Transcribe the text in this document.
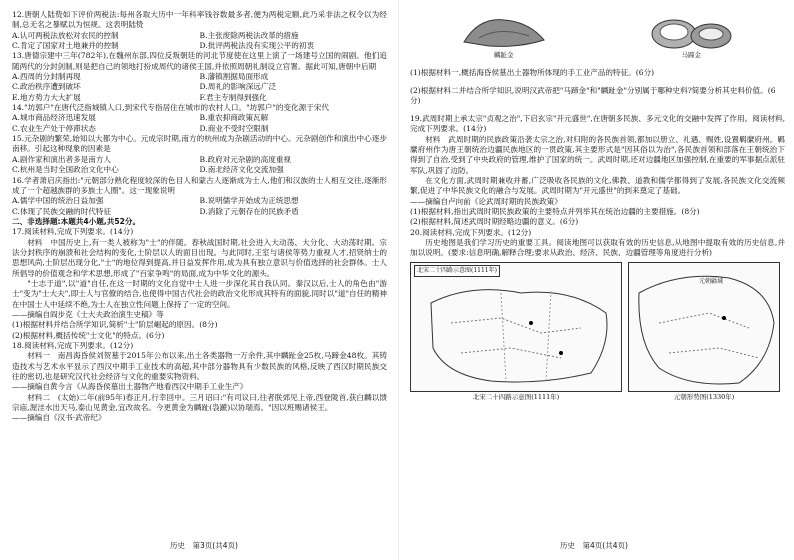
12.唐朝人陆贽如下评价两税法:每州各取大历中一年科率钱谷数最多者,便为两税定额,此乃采非法之权令以为经制,总无名之暴赋以为恒规。这表明陆贽

A.认可两税法放松对农民的控制	B.主张废除两税法改革的措施
C.肯定了国家对土地兼并的控制	D.批评两税法没有实现公平的初衷

13.唐德宗建中三年(782年),在魏州东部,四位反叛朝廷的河北节度使在这里上演了一场建号立国的闹剧。他们追随两代的分封剑制,则是把自己的领地打扮成周代的诸侯王国,并依照周朝礼制设立官署。据此可知,唐朝中后期

A.西周的分封制再现	B.藩镇割据局面形成
C.政治秩序遭到破坏	D.周礼的影响深远广泛
E.地方势力大大扩展	F.君主专制得到强化

14."坊郭户"在唐代泛指城镇人口,到宋代专指居住在城市的农村人口。"坊郭户"的变化源于宋代

A.城市商品经济迅速发展	B.重农抑商政策瓦解
C.农业生产处于停滞状态	D.商业不受时空限制

15.元杂剧的繁荣,始知以大都为中心。元成宗时期,南方的杭州成为杂剧活动的中心。元杂剧创作和演出中心逐步南移。引起这种现象的因素是

A.剧作家和演出者多是南方人	B.政府对元杂剧的高度重视
C.杭州是当时全国政治文化中心	D.南北经济文化交流加强

16.学者萧启庆指出:"元朝部分熟化程度较深的色目人和蒙古人逐渐成为士人,他们和汉族的士人相互交往,逐渐形成了一个超越族群的多族士人圈"。这一现象说明

A.儒学中国的统治日益加强	B.说明儒学开始成为正统思想
C.体现了民族交融的时代特征	D.消除了元朝存在的民族矛盾

二、非选择题:本题共4小题,共52分。

17.阅读材料,完成下列要求。(14分)

材料　中国历史上,有一类人被称为"士"的伴随。春秋战国时期,社会进入大动荡、大分化、大动荡时期。宗法分封秩序的崩溃和社会结构的变化,士阶层以人的面目出现。与此同时,王室与诸侯等势力重视人才,招贤纳士的思想风尚,士阶层出现分化,"士"的地位得到提高,并日益发挥作用,成为具有独立意识与价值选择的社会群体。士人所倡导的价值观念和学术思想,形成了"百家争鸣"的局面,成为中华文化的源头。

"士志于道",以"道"自任,在这一时期的文化自觉中士人进一步深化其自我认同。秦汉以后,士人的角色由"游士"变为"士大夫",即士人与官僚的结合,也使得中国古代社会的政治文化形成其特有的面貌,同时以"道"自任的精神在中国士人中延续不绝,为士人在独立性问题上保持了一定的空间。

——摘编自阎步克《士大夫政治演生史稿》等

(1)根据材料并结合所学知识,简析"士"阶层崛起的原因。(8分)

(2)根据材料,概括传统"士文化"的特点。(6分)

18.阅读材料,完成下列要求。(12分)

材料一　南昌海昏侯刘贺墓于2015年公布以来,出土各类器物一万余件,其中麟趾金25枚,马蹄金48枚。其铸造技术与艺术水平显示了西汉中期手工业技术的高超,其中部分器物具有少数民族的风格,反映了西汉时期民族交往的密切,也是研究汉代社会经济与文化的重要实物资料。

——摘编自黄今言《从海昏侯墓出土器物产地看西汉中期手工业生产》

材料二　(太始)二年(前95年)春正月,行幸回中。三月诏曰:"有司议曰,往者朕郊见上帝,西登陇首,获白麟以馈宗庙,渥洼水出天马,泰山见黄金,宜改故名。今更黄金为麟趾(袅蹏)以协瑞焉。"因以班赐诸侯王。

——摘编自《汉书·武帝纪》

历史　第3页(共4页)
麟趾金	马蹄金

(1)根据材料一,概括海昏侯墓出土器物所体现的手工业产品的特征。(6分)

(2)根据材料二并结合所学知识,说明汉武帝把"马蹄金"和"麟趾金"分别属于哪种史料?简要分析其史料价值。(6分)

19.武周时期上承太宗"贞观之治",下启玄宗"开元盛世",在唐朝多民族、多元文化的交融中发挥了作用。阅读材料,完成下列要求。(14分)

材料　武周时期的民族政策沿袭太宗之治,对归附的各民族首领,都加以册立、礼遇、赐姓,设置羁縻府州。羁縻府州作为唐王朝统治边疆民族地区的一贯政策,其主要形式是"因其俗以为治",各民族首领和部落在王朝统治下得到了自治,受到了中央政府的管理,维护了国家的统一。武周时期,还对边疆地区加强控制,在重要的军事据点派驻军队,巩固了边防。

在文化方面,武周时期兼收并蓄,广泛吸收各民族的文化,佛教、道教和儒学都得到了发展,各民族文化交流频繁,促进了中华民族文化的融合与发展。武周时期为"开元盛世"的到来奠定了基础。

——摘编自卢向前《论武周时期的民族政策》

(1)根据材料,指出武周时期民族政策的主要特点并列举其在统治边疆的主要措施。(8分)

(2)根据材料,简述武周时期经略边疆的意义。(6分)

20.阅读材料,完成下列要求。(12分)

历史地图是我们学习历史的重要工具。阅读地图可以获取有效的历史信息,从地图中提取有效的历史信息,并加以说明。(要求:信息明确,解释合理;要求从政治、经济、民族、边疆管理等角度进行分析)

北宋二十四路示意图(1111年)
北宋二十四路示意图(1111年)
元朝疆域
元朝形势图(1330年)
历史　第4页(共4页)
